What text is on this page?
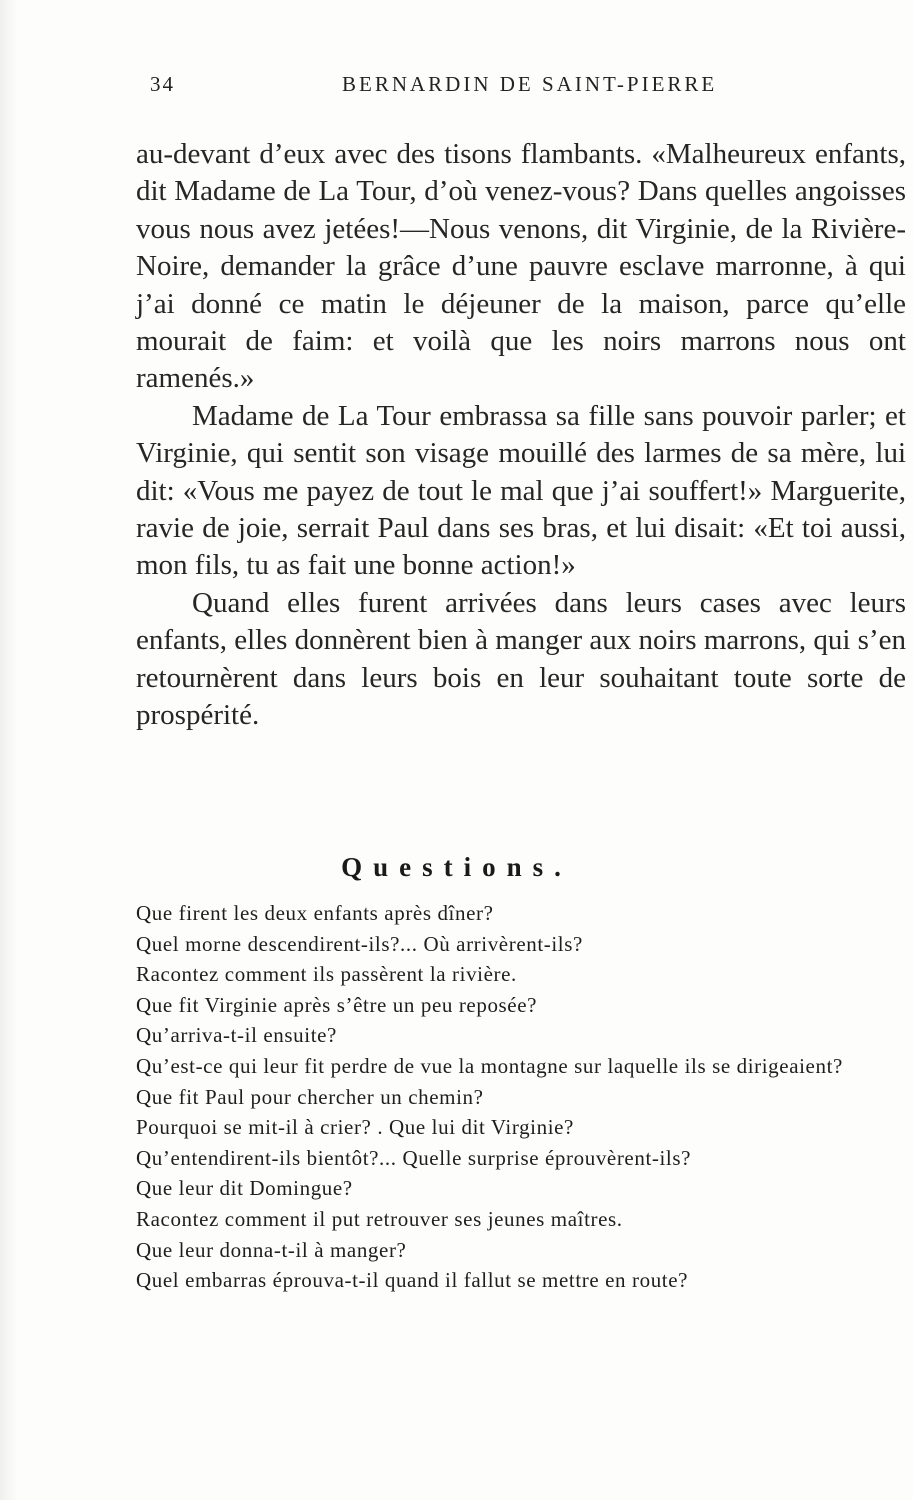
34	BERNARDIN DE SAINT-PIERRE

au-devant d’eux avec des tisons flambants. «Malheureux enfants, dit Madame de La Tour, d’où venez-vous? Dans quelles angoisses vous nous avez jetées!—Nous venons, dit Virginie, de la Rivière-Noire, demander la grâce d’une pauvre esclave marronne, à qui j’ai donné ce matin le déjeuner de la maison, parce qu’elle mourait de faim: et voilà que les noirs marrons nous ont ramenés.»

Madame de La Tour embrassa sa fille sans pouvoir parler; et Virginie, qui sentit son visage mouillé des larmes de sa mère, lui dit: «Vous me payez de tout le mal que j’ai souffert!» Marguerite, ravie de joie, serrait Paul dans ses bras, et lui disait: «Et toi aussi, mon fils, tu as fait une bonne action!»

Quand elles furent arrivées dans leurs cases avec leurs enfants, elles donnèrent bien à manger aux noirs marrons, qui s’en retournèrent dans leurs bois en leur souhaitant toute sorte de prospérité.

Questions.
Que firent les deux enfants après dîner?
Quel morne descendirent-ils?... Où arrivèrent-ils?
Racontez comment ils passèrent la rivière.
Que fit Virginie après s’être un peu reposée?
Qu’arriva-t-il ensuite?
Qu’est-ce qui leur fit perdre de vue la montagne sur laquelle ils se dirigeaient?
Que fit Paul pour chercher un chemin?
Pourquoi se mit-il à crier? . Que lui dit Virginie?
Qu’entendirent-ils bientôt?... Quelle surprise éprouvèrent-ils?
Que leur dit Domingue?
Racontez comment il put retrouver ses jeunes maîtres.
Que leur donna-t-il à manger?
Quel embarras éprouva-t-il quand il fallut se mettre en route?
